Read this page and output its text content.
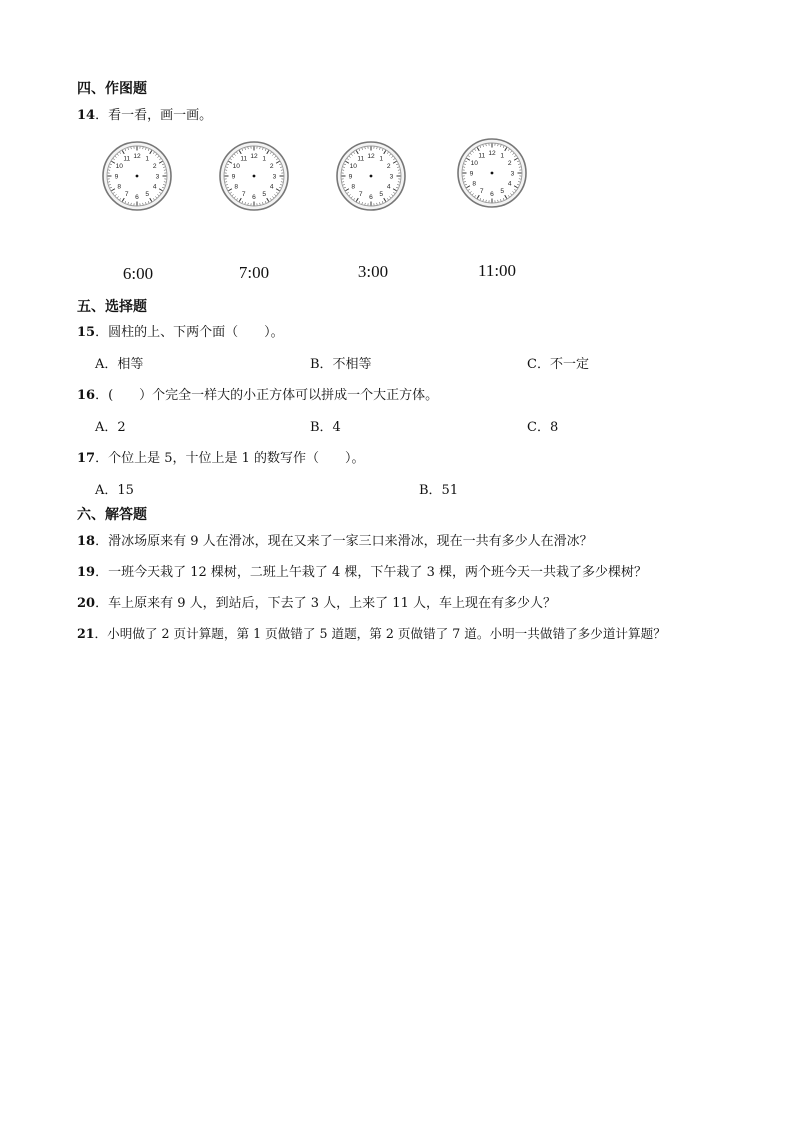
四、作图题
14．看一看，画一画。
12 1
2
3
4
5
6
7
8
9
10
11	12 1
2
3
4
5
6
7
8
9
10
11	12 1
2
3
4
5
6
7
8
9
10
11
12 1
2
3
4
5
6
7
8
9
10
11
6:00	7:00	3:00	11:00
五、选择题
15．圆柱的上、下两个面（　　）。
A．相等	B．不相等	C．不一定
16．(　　）个完全一样大的小正方体可以拼成一个大正方体。
A．2	B．4	C．8
17．个位上是 5，十位上是 1 的数写作（　　）。
A．15	B．51
六、解答题
18．滑冰场原来有 9 人在滑冰，现在又来了一家三口来滑冰，现在一共有多少人在滑冰？
19．一班今天栽了 12 棵树，二班上午栽了 4 棵，下午栽了 3 棵，两个班今天一共栽了多少棵树？
20．车上原来有 9 人，到站后，下去了 3 人，上来了 11 人，车上现在有多少人？
21．小明做了 2 页计算题，第 1 页做错了 5 道题，第 2 页做错了 7 道。小明一共做错了多少道计算题？
